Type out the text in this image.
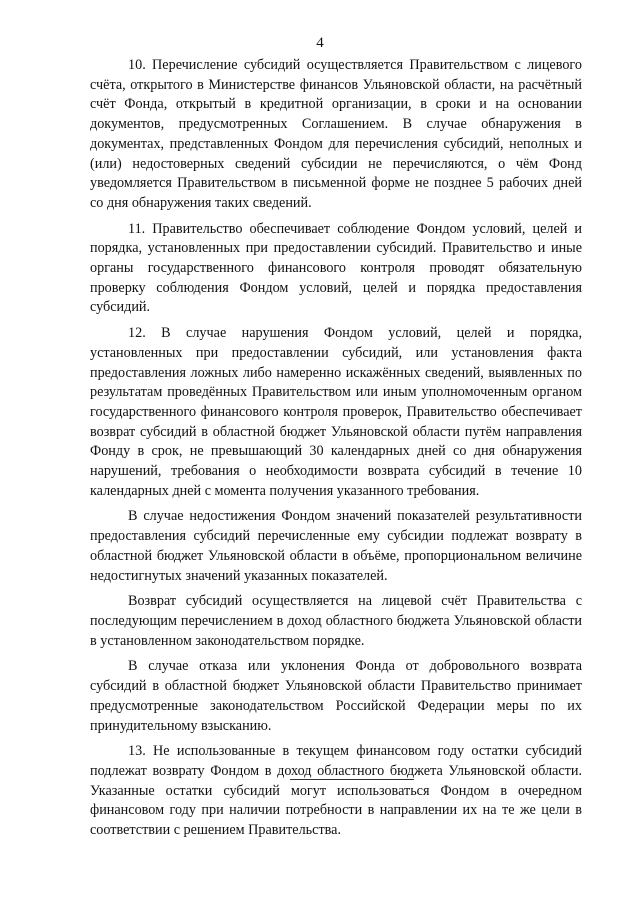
4

10. Перечисление субсидий осуществляется Правительством с лицевого счёта, открытого в Министерстве финансов Ульяновской области, на расчётный счёт Фонда, открытый в кредитной организации, в сроки и на основании документов, предусмотренных Соглашением. В случае обнаружения в документах, представленных Фондом для перечисления субсидий, неполных и (или) недостоверных сведений субсидии не перечисляются, о чём Фонд уведомляется Правительством в письменной форме не позднее 5 рабочих дней со дня обнаружения таких сведений.

11. Правительство обеспечивает соблюдение Фондом условий, целей и порядка, установленных при предоставлении субсидий. Правительство и иные органы государственного финансового контроля проводят обязательную проверку соблюдения Фондом условий, целей и порядка предоставления субсидий.

12. В случае нарушения Фондом условий, целей и порядка, установленных при предоставлении субсидий, или установления факта предоставления ложных либо намеренно искажённых сведений, выявленных по результатам проведённых Правительством или иным уполномоченным органом государственного финансового контроля проверок, Правительство обеспечивает возврат субсидий в областной бюджет Ульяновской области путём направления Фонду в срок, не превышающий 30 календарных дней со дня обнаружения нарушений, требования о необходимости возврата субсидий в течение 10 календарных дней с момента получения указанного требования.

В случае недостижения Фондом значений показателей результативности предоставления субсидий перечисленные ему субсидии подлежат возврату в областной бюджет Ульяновской области в объёме, пропорциональном величине недостигнутых значений указанных показателей.

Возврат субсидий осуществляется на лицевой счёт Правительства с последующим перечислением в доход областного бюджета Ульяновской области в установленном законодательством порядке.

В случае отказа или уклонения Фонда от добровольного возврата субсидий в областной бюджет Ульяновской области Правительство принимает предусмотренные законодательством Российской Федерации меры по их принудительному взысканию.

13. Не использованные в текущем финансовом году остатки субсидий подлежат возврату Фондом в доход областного бюджета Ульяновской области. Указанные остатки субсидий могут использоваться Фондом в очередном финансовом году при наличии потребности в направлении их на те же цели в соответствии с решением Правительства.
